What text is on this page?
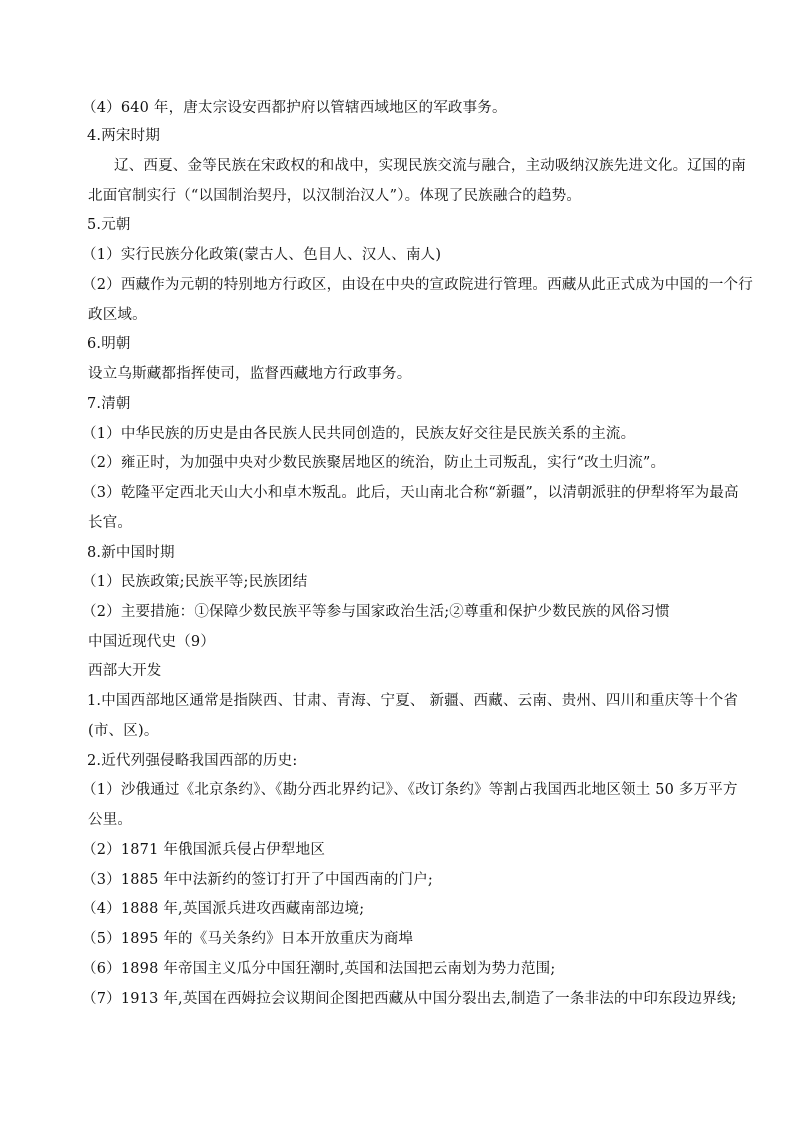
（4）640 年，唐太宗设安西都护府以管辖西域地区的军政事务。
4.两宋时期
辽、西夏、金等民族在宋政权的和战中，实现民族交流与融合，主动吸纳汉族先进文化。辽国的南
北面官制实行（“以国制治契丹，以汉制治汉人”）。体现了民族融合的趋势。
5.元朝
（1）实行民族分化政策(蒙古人、色目人、汉人、南人)
（2）西藏作为元朝的特别地方行政区，由设在中央的宣政院进行管理。西藏从此正式成为中国的一个行
政区域。
6.明朝
设立乌斯藏都指挥使司，监督西藏地方行政事务。
7.清朝
（1）中华民族的历史是由各民族人民共同创造的，民族友好交往是民族关系的主流。
（2）雍正时，为加强中央对少数民族聚居地区的统治，防止土司叛乱，实行“改土归流”。
（3）乾隆平定西北天山大小和卓木叛乱。此后，天山南北合称“新疆”，以清朝派驻的伊犁将军为最高
长官。
8.新中国时期
（1）民族政策;民族平等;民族团结
（2）主要措施：①保障少数民族平等参与国家政治生活;②尊重和保护少数民族的风俗习惯
中国近现代史（9）
西部大开发
1.中国西部地区通常是指陕西、甘肃、青海、宁夏、 新疆、西藏、云南、贵州、四川和重庆等十个省
(市、区)。
2.近代列强侵略我国西部的历史:
（1）沙俄通过《北京条约》、《勘分西北界约记》、《改订条约》等割占我国西北地区领土 50 多万平方
公里。
（2）1871 年俄国派兵侵占伊犁地区
（3）1885 年中法新约的签订打开了中国西南的门户;
（4）1888 年,英国派兵进攻西藏南部边境;
（5）1895 年的《马关条约》日本开放重庆为商埠
（6）1898 年帝国主义瓜分中国狂潮时,英国和法国把云南划为势力范围;
（7）1913 年,英国在西姆拉会议期间企图把西藏从中国分裂出去,制造了一条非法的中印东段边界线;
